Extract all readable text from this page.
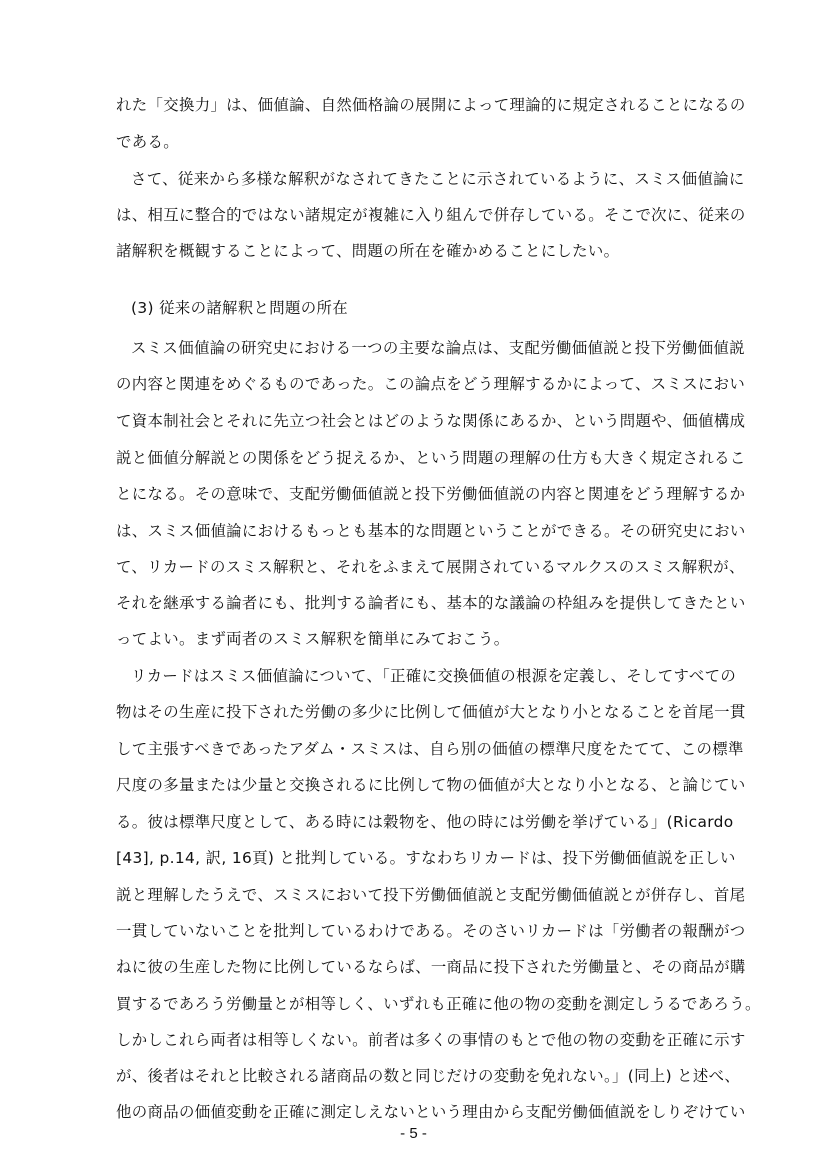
れた「交換力」は、価値論、自然価格論の展開によって理論的に規定されることになるの
である。
さて、従来から多様な解釈がなされてきたことに示されているように、スミス価値論に
は、相互に整合的ではない諸規定が複雑に入り組んで併存している。そこで次に、従来の
諸解釈を概観することによって、問題の所在を確かめることにしたい。
(3) 従来の諸解釈と問題の所在
スミス価値論の研究史における一つの主要な論点は、支配労働価値説と投下労働価値説
の内容と関連をめぐるものであった。この論点をどう理解するかによって、スミスにおい
て資本制社会とそれに先立つ社会とはどのような関係にあるか、という問題や、価値構成
説と価値分解説との関係をどう捉えるか、という問題の理解の仕方も大きく規定されるこ
とになる。その意味で、支配労働価値説と投下労働価値説の内容と関連をどう理解するか
は、スミス価値論におけるもっとも基本的な問題ということができる。その研究史におい
て、リカードのスミス解釈と、それをふまえて展開されているマルクスのスミス解釈が、
それを継承する論者にも、批判する論者にも、基本的な議論の枠組みを提供してきたとい
ってよい。まず両者のスミス解釈を簡単にみておこう。
リカードはスミス価値論について、「正確に交換価値の根源を定義し、そしてすべての
物はその生産に投下された労働の多少に比例して価値が大となり小となることを首尾一貫
して主張すべきであったアダム・スミスは、自ら別の価値の標準尺度をたてて、この標準
尺度の多量または少量と交換されるに比例して物の価値が大となり小となる、と論じてい
る。彼は標準尺度として、ある時には穀物を、他の時には労働を挙げている」(Ricardo
[43], p.14, 訳, 16頁) と批判している。すなわちリカードは、投下労働価値説を正しい
説と理解したうえで、スミスにおいて投下労働価値説と支配労働価値説とが併存し、首尾
一貫していないことを批判しているわけである。そのさいリカードは「労働者の報酬がつ
ねに彼の生産した物に比例しているならば、一商品に投下された労働量と、その商品が購
買するであろう労働量とが相等しく、いずれも正確に他の物の変動を測定しうるであろう。
しかしこれら両者は相等しくない。前者は多くの事情のもとで他の物の変動を正確に示す
が、後者はそれと比較される諸商品の数と同じだけの変動を免れない。」(同上) と述べ、
他の商品の価値変動を正確に測定しえないという理由から支配労働価値説をしりぞけてい
- 5 -
